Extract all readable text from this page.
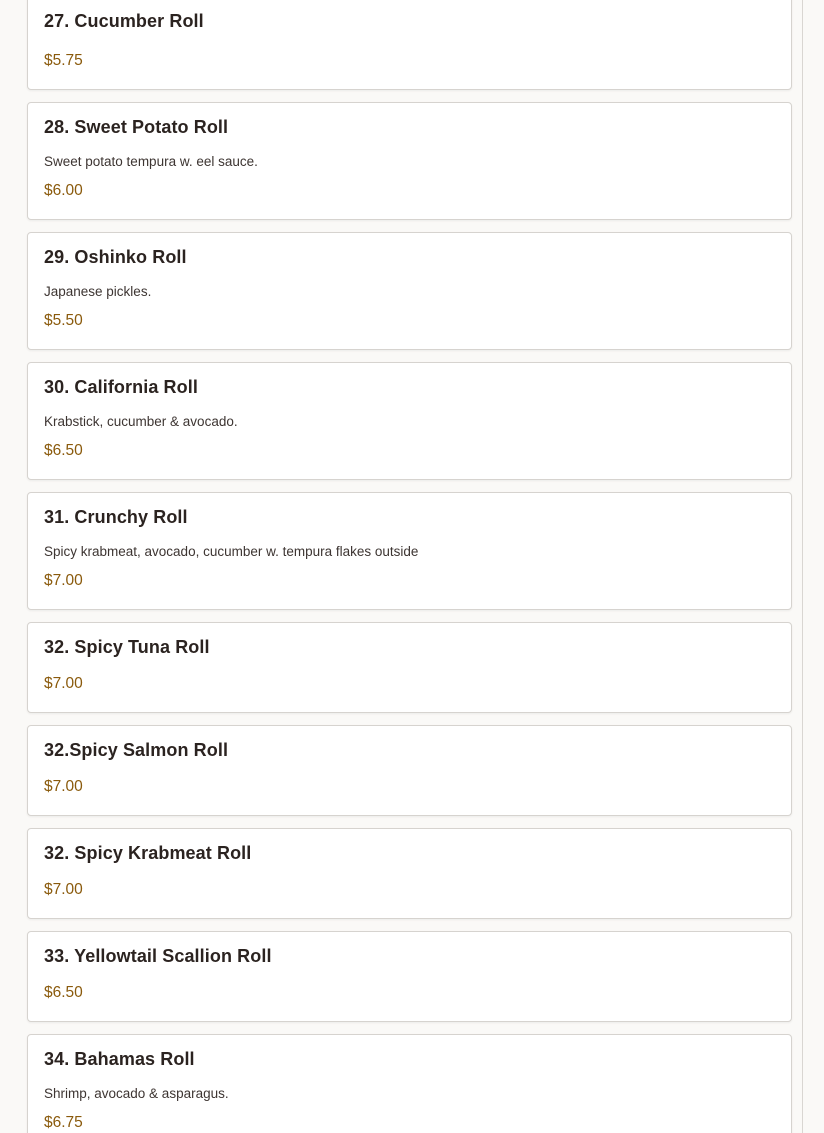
27. Cucumber Roll
$5.75
28. Sweet Potato Roll
Sweet potato tempura w. eel sauce.
$6.00
29. Oshinko Roll
Japanese pickles.
$5.50
30. California Roll
Krabstick, cucumber & avocado.
$6.50
31. Crunchy Roll
Spicy krabmeat, avocado, cucumber w. tempura flakes outside
$7.00
32. Spicy Tuna Roll
$7.00
32.Spicy Salmon Roll
$7.00
32. Spicy Krabmeat Roll
$7.00
33. Yellowtail Scallion Roll
$6.50
34. Bahamas Roll
Shrimp, avocado & asparagus.
$6.75
